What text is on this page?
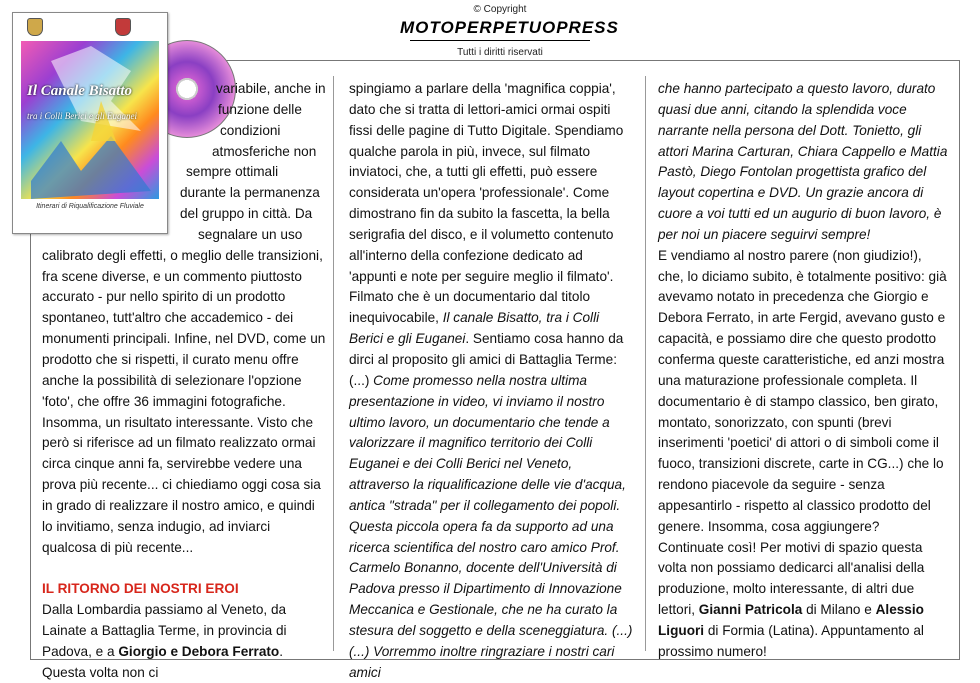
© Copyright
MOTOPERPETUOPRESS
Tutti i diritti riservati
Il Canale Bisatto
tra i Colli Berici e gli Euganei
Itinerari di Riqualificazione Fluviale

variabile, anche in

funzione delle

condizioni

atmosferiche non

sempre ottimali

durante la permanenza

del gruppo in città. Da

segnalare un uso

calibrato degli effetti, o meglio delle transizioni, fra scene diverse, e un commento piuttosto accurato - pur nello spirito di un prodotto spontaneo, tutt'altro che accademico - dei monumenti principali. Infine, nel DVD, come un prodotto che si rispetti, il curato menu offre anche la possibilità di selezionare l'opzione 'foto', che offre 36 immagini fotografiche. Insomma, un risultato interessante. Visto che però si riferisce ad un filmato realizzato ormai circa cinque anni fa, servirebbe vedere una prova più recente... ci chiediamo oggi cosa sia in grado di realizzare il nostro amico, e quindi lo invitiamo, senza indugio, ad inviarci qualcosa di più recente...

IL RITORNO DEI NOSTRI EROI

Dalla Lombardia passiamo al Veneto, da Lainate a Battaglia Terme, in provincia di Padova, e a Giorgio e Debora Ferrato. Questa volta non ci

spingiamo a parlare della 'magnifica coppia', dato che si tratta di lettori-amici ormai ospiti fissi delle pagine di Tutto Digitale. Spendiamo qualche parola in più, invece, sul filmato inviatoci, che, a tutti gli effetti, può essere considerata un'opera 'professionale'. Come dimostrano fin da subito la fascetta, la bella serigrafia del disco, e il volumetto contenuto all'interno della confezione dedicato ad 'appunti e note per seguire meglio il filmato'. Filmato che è un documentario dal titolo inequivocabile, Il canale Bisatto, tra i Colli Berici e gli Euganei. Sentiamo cosa hanno da dirci al proposito gli amici di Battaglia Terme:

(...) Come promesso nella nostra ultima presentazione in video, vi inviamo il nostro ultimo lavoro, un documentario che tende a valorizzare il magnifico territorio dei Colli Euganei e dei Colli Berici nel Veneto, attraverso la riqualificazione delle vie d'acqua, antica "strada" per il collegamento dei popoli. Questa piccola opera fa da supporto ad una ricerca scientifica del nostro caro amico Prof. Carmelo Bonanno, docente dell'Università di Padova presso il Dipartimento di Innovazione Meccanica e Gestionale, che ne ha curato la stesura del soggetto e della sceneggiatura. (...)

(...) Vorremmo inoltre ringraziare i nostri cari amici

che hanno partecipato a questo lavoro, durato quasi due anni, citando la splendida voce narrante nella persona del Dott. Tonietto, gli attori Marina Carturan, Chiara Cappello e Mattia Pastò, Diego Fontolan progettista grafico del layout copertina e DVD. Un grazie ancora di cuore a voi tutti ed un augurio di buon lavoro, è per noi un piacere seguirvi sempre!

E vendiamo al nostro parere (non giudizio!), che, lo diciamo subito, è totalmente positivo: già avevamo notato in precedenza che Giorgio e Debora Ferrato, in arte Fergid, avevano gusto e capacità, e possiamo dire che questo prodotto conferma queste caratteristiche, ed anzi mostra una maturazione professionale completa. Il documentario è di stampo classico, ben girato, montato, sonorizzato, con spunti (brevi inserimenti 'poetici' di attori o di simboli come il fuoco, transizioni discrete, carte in CG...) che lo rendono piacevole da seguire - senza appesantirlo - rispetto al classico prodotto del genere. Insomma, cosa aggiungere? Continuate così! Per motivi di spazio questa volta non possiamo dedicarci all'analisi della produzione, molto interessante, di altri due lettori, Gianni Patricola di Milano e Alessio Liguori di Formia (Latina). Appuntamento al prossimo numero!
